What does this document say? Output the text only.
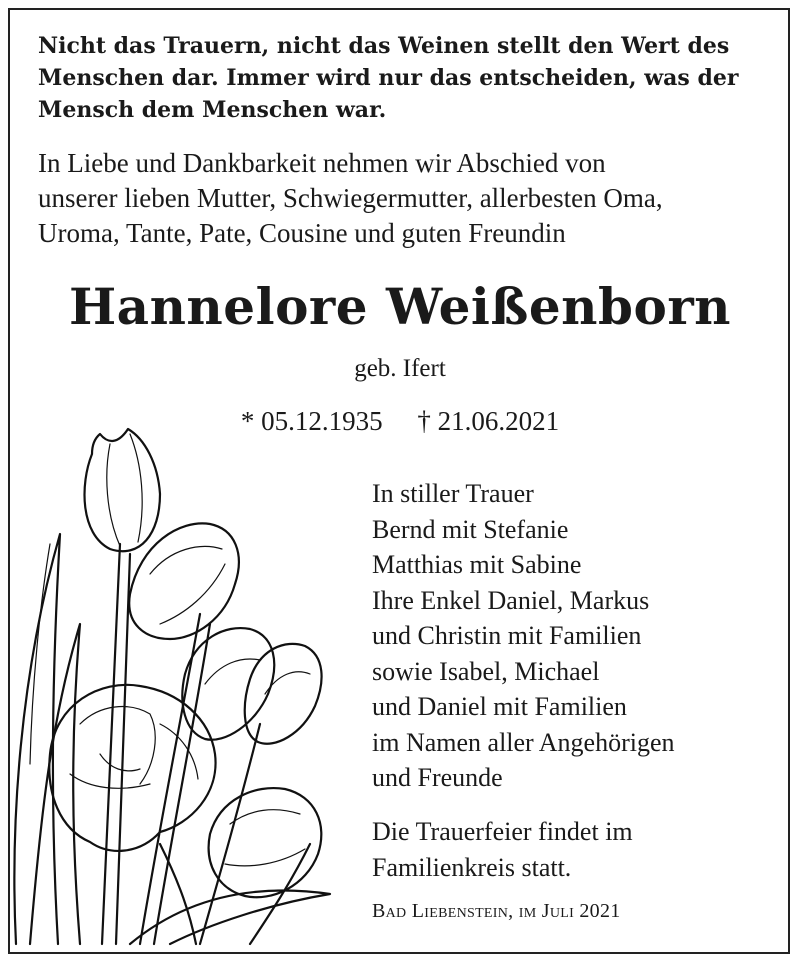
Nicht das Trauern, nicht das Weinen stellt den Wert des
Menschen dar. Immer wird nur das entscheiden, was der
Mensch dem Menschen war.
In Liebe und Dankbarkeit nehmen wir Abschied von
unserer lieben Mutter, Schwiegermutter, allerbesten Oma,
Uroma, Tante, Pate, Cousine und guten Freundin
Hannelore Weißenborn
geb. Ifert
* 05.12.1935 † 21.06.2021
In stiller Trauer
Bernd mit Stefanie
Matthias mit Sabine
Ihre Enkel Daniel, Markus
und Christin mit Familien
sowie Isabel, Michael
und Daniel mit Familien
im Namen aller Angehörigen
und Freunde
Die Trauerfeier findet im
Familienkreis statt.
Bad Liebenstein, im Juli 2021
